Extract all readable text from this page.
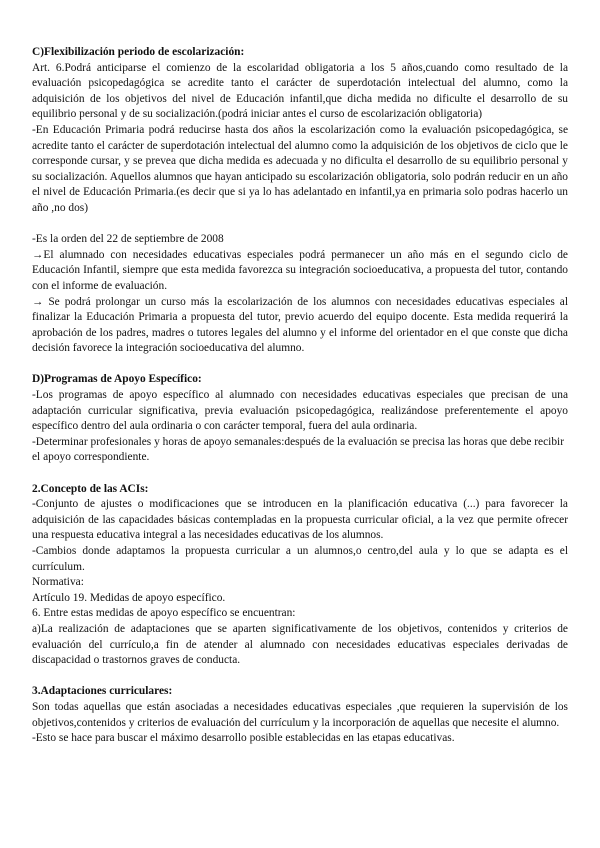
C)Flexibilización periodo de escolarización:

Art. 6.Podrá anticiparse el comienzo de la escolaridad obligatoria a los 5 años,cuando como resultado de la evaluación psicopedagógica se acredite tanto el carácter de superdotación intelectual del alumno, como la adquisición de los objetivos del nivel de Educación infantil,que dicha medida no dificulte el desarrollo de su equilibrio personal y de su socialización.(podrá iniciar antes el curso de escolarización obligatoria)

-En Educación Primaria podrá reducirse hasta dos años la escolarización como la evaluación psicopedagógica, se acredite tanto el carácter de superdotación intelectual del alumno como la adquisición de los objetivos de ciclo que le corresponde cursar, y se prevea que dicha medida es adecuada y no dificulta el desarrollo de su equilibrio personal y su socialización. Aquellos alumnos que hayan anticipado su escolarización obligatoria, solo podrán reducir en un año el nivel de Educación Primaria.(es decir que si ya lo has adelantado en infantil,ya en primaria solo podras hacerlo un año ,no dos)

-Es la orden del 22 de septiembre de 2008

→El alumnado con necesidades educativas especiales podrá permanecer un año más en el segundo ciclo de Educación Infantil, siempre que esta medida favorezca su integración socioeducativa, a propuesta del tutor, contando con el informe de evaluación.

→ Se podrá prolongar un curso más la escolarización de los alumnos con necesidades educativas especiales al finalizar la Educación Primaria a propuesta del tutor, previo acuerdo del equipo docente. Esta medida requerirá la aprobación de los padres, madres o tutores legales del alumno y el informe del orientador en el que conste que dicha decisión favorece la integración socioeducativa del alumno.

D)Programas de Apoyo Específico:

-Los programas de apoyo específico al alumnado con necesidades educativas especiales que precisan de una adaptación curricular significativa, previa evaluación psicopedagógica, realizándose preferentemente el apoyo específico dentro del aula ordinaria o con carácter temporal, fuera del aula ordinaria.

-Determinar profesionales y horas de apoyo semanales:después de la evaluación se precisa las horas que debe recibir el apoyo correspondiente.

2.Concepto de las ACIs:

-Conjunto de ajustes o modificaciones que se introducen en la planificación educativa (...) para favorecer la adquisición de las capacidades básicas contempladas en la propuesta curricular oficial, a la vez que permite ofrecer una respuesta educativa integral a las necesidades educativas de los alumnos.

-Cambios donde adaptamos la propuesta curricular a un alumnos,o centro,del aula y lo que se adapta es el currículum.

Normativa:

Artículo 19. Medidas de apoyo específico.

6. Entre estas medidas de apoyo específico se encuentran:

a)La realización de adaptaciones que se aparten significativamente de los objetivos, contenidos y criterios de evaluación del currículo,a fin de atender al alumnado con necesidades educativas especiales derivadas de discapacidad o trastornos graves de conducta.

3.Adaptaciones curriculares:

Son todas aquellas que están asociadas a necesidades educativas especiales ,que requieren la supervisión de los objetivos,contenidos y criterios de evaluación del currículum y la incorporación de aquellas que necesite el alumno.

-Esto se hace para buscar el máximo desarrollo posible establecidas en las etapas educativas.
